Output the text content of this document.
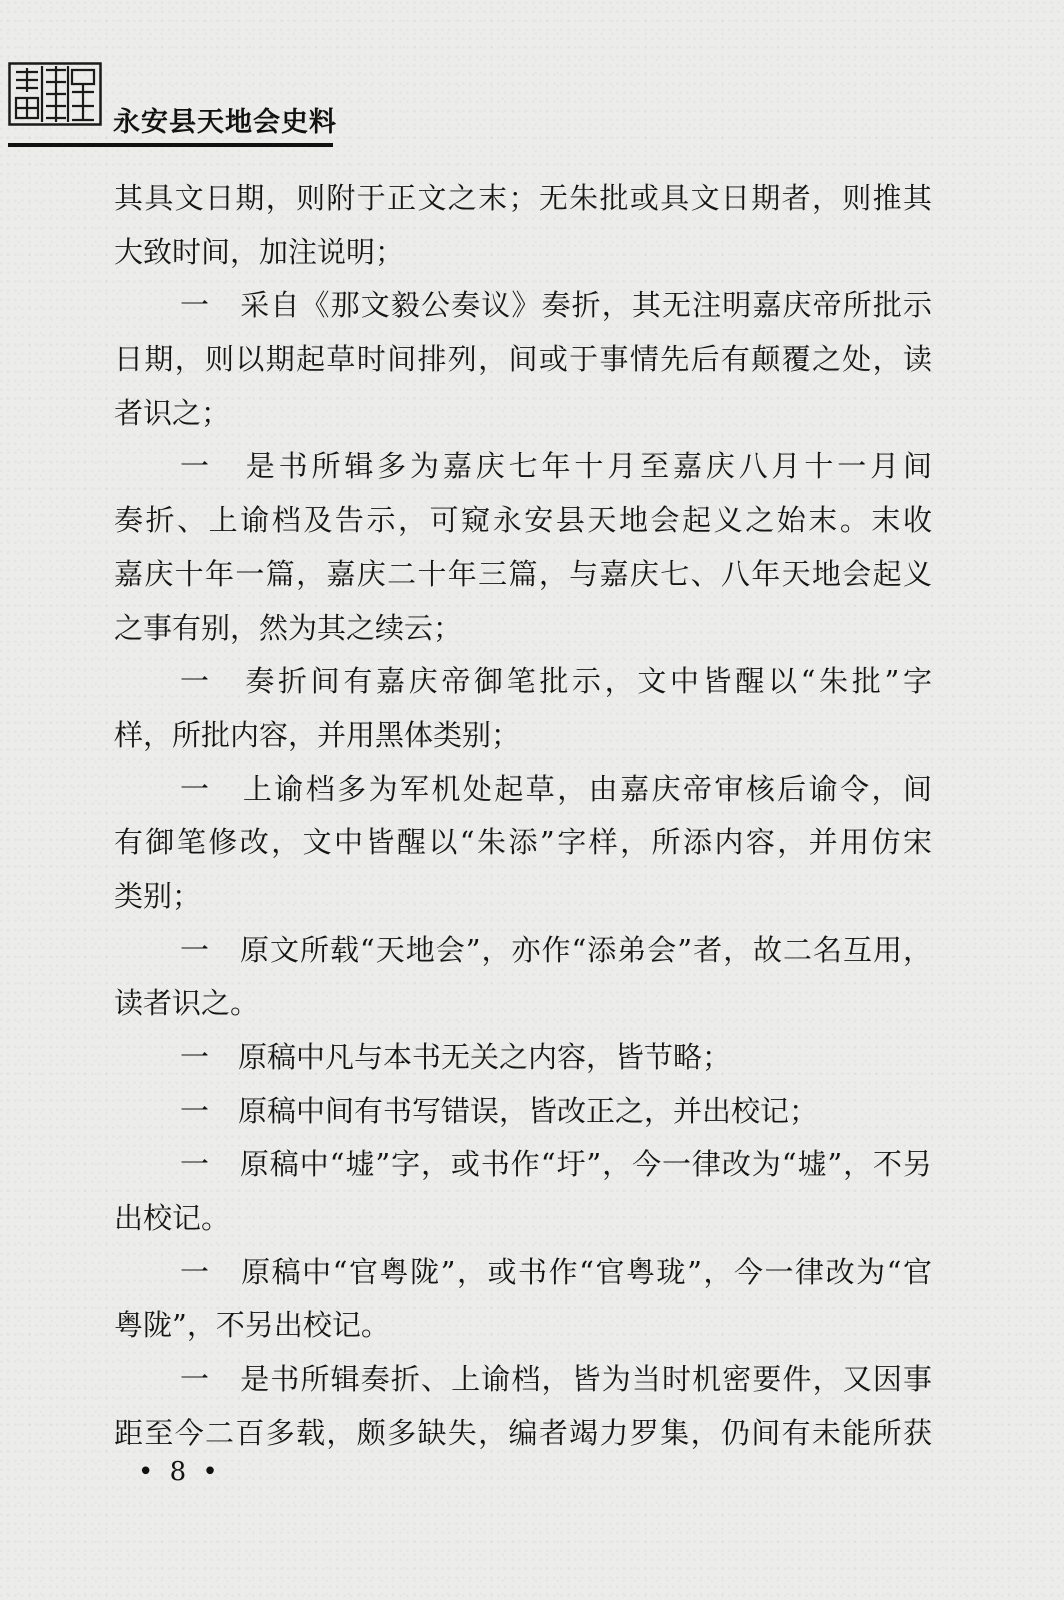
永安县天地会史料
其具文日期，则附于正文之末；无朱批或具文日期者，则推其
大致时间，加注说明；
一　采自《那文毅公奏议》奏折，其无注明嘉庆帝所批示
日期，则以期起草时间排列，间或于事情先后有颠覆之处，读
者识之；
一　是书所辑多为嘉庆七年十月至嘉庆八月十一月间
奏折、上谕档及告示，可窥永安县天地会起义之始末。末收
嘉庆十年一篇，嘉庆二十年三篇，与嘉庆七、八年天地会起义
之事有别，然为其之续云；
一　奏折间有嘉庆帝御笔批示，文中皆醒以“朱批”字
样，所批内容，并用黑体类别；
一　上谕档多为军机处起草，由嘉庆帝审核后谕令，间
有御笔修改，文中皆醒以“朱添”字样，所添内容，并用仿宋
类别；
一　原文所载“天地会”，亦作“添弟会”者，故二名互用，
读者识之。
一　原稿中凡与本书无关之内容，皆节略；
一　原稿中间有书写错误，皆改正之，并出校记；
一　原稿中“墟”字，或书作“圩”，今一律改为“墟”，不另
出校记。
一　原稿中“官粤陇”，或书作“官粤珑”，今一律改为“官
粤陇”，不另出校记。
一　是书所辑奏折、上谕档，皆为当时机密要件，又因事
距至今二百多载，颇多缺失，编者竭力罗集，仍间有未能所获
• 8 •
